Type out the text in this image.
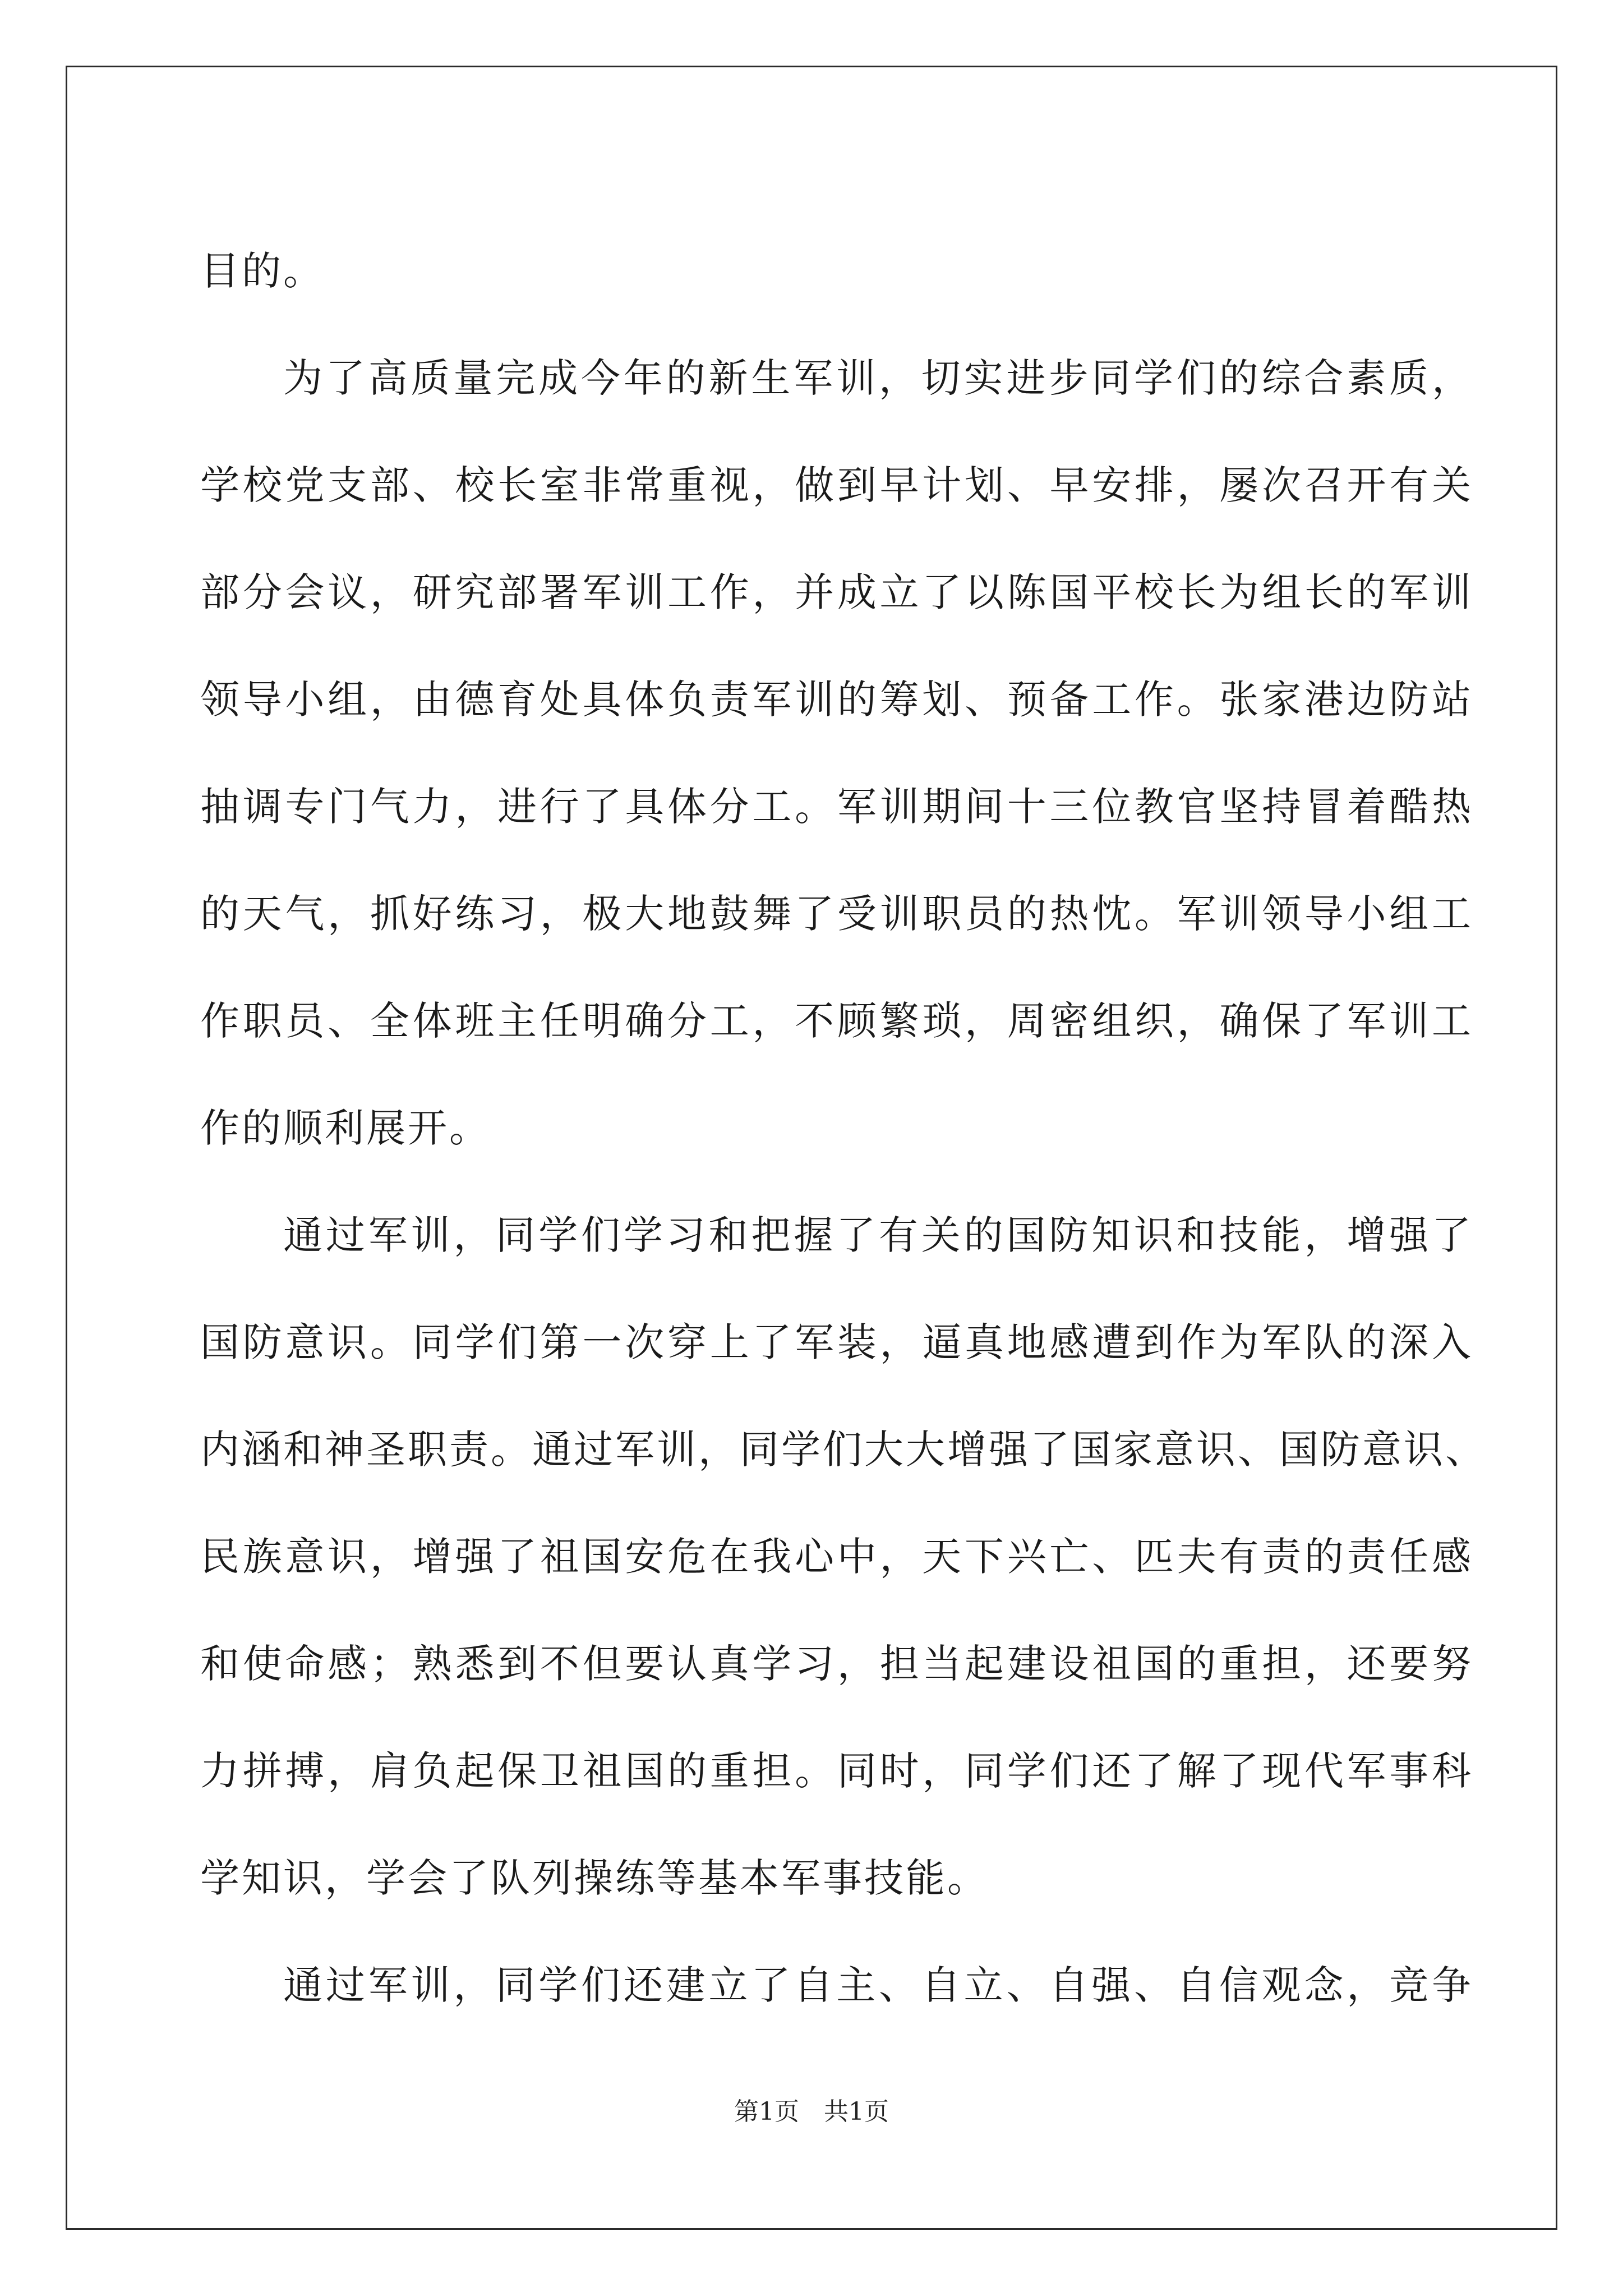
目的。
为了高质量完成今年的新生军训，切实进步同学们的综合素质，
学校党支部、校长室非常重视，做到早计划、早安排，屡次召开有关
部分会议，研究部署军训工作，并成立了以陈国平校长为组长的军训
领导小组，由德育处具体负责军训的筹划、预备工作。张家港边防站
抽调专门气力，进行了具体分工。军训期间十三位教官坚持冒着酷热
的天气，抓好练习，极大地鼓舞了受训职员的热忱。军训领导小组工
作职员、全体班主任明确分工，不顾繁琐，周密组织，确保了军训工
作的顺利展开。
通过军训，同学们学习和把握了有关的国防知识和技能，增强了
国防意识。同学们第一次穿上了军装，逼真地感遭到作为军队的深入
内涵和神圣职责。通过军训，同学们大大增强了国家意识、国防意识、
民族意识，增强了祖国安危在我心中，天下兴亡、匹夫有责的责任感
和使命感；熟悉到不但要认真学习，担当起建设祖国的重担，还要努
力拼搏，肩负起保卫祖国的重担。同时，同学们还了解了现代军事科
学知识，学会了队列操练等基本军事技能。
通过军训，同学们还建立了自主、自立、自强、自信观念，竞争
第1页　共1页
